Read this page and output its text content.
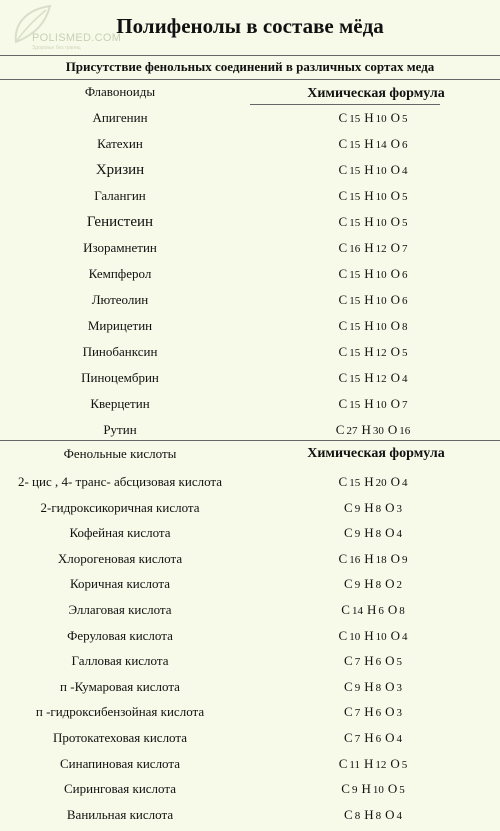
POLISMED.COM
Здоровье без границ
Полифенолы в составе мёда
Присутствие фенольных соединений в различных сортах меда
Флавоноиды	Химическая формула
Апигенин	C 15 H 10 O 5
Катехин	C 15 H 14 O 6
Хризин	C 15 H 10 O 4
Галангин	C 15 H 10 O 5
Генистеин	C 15 H 10 O 5
Изорамнетин	C 16 H 12 O 7
Кемпферол	C 15 H 10 O 6
Лютеолин	C 15 H 10 O 6
Мирицетин	C 15 H 10 O 8
Пинобанксин	C 15 H 12 O 5
Пиноцембрин	C 15 H 12 O 4
Кверцетин	C 15 H 10 O 7
Рутин	C 27 H 30 O 16
Фенольные кислоты	Химическая формула
2- цис , 4- транс- абсцизовая кислота	C 15 H 20 O 4
2-гидроксикоричная кислота	C 9 H 8 O 3
Кофейная кислота	C 9 H 8 O 4
Хлорогеновая кислота	C 16 H 18 O 9
Коричная кислота	C 9 H 8 O 2
Эллаговая кислота	C 14 H 6 O 8
Феруловая кислота	C 10 H 10 O 4
Галловая кислота	C 7 H 6 O 5
п -Кумаровая кислота	C 9 H 8 O 3
п -гидроксибензойная кислота	C 7 H 6 O 3
Протокатеховая кислота	C 7 H 6 O 4
Синапиновая кислота	C 11 H 12 O 5
Сиринговая кислота	C 9 H 10 O 5
Ванильная кислота	C 8 H 8 O 4
